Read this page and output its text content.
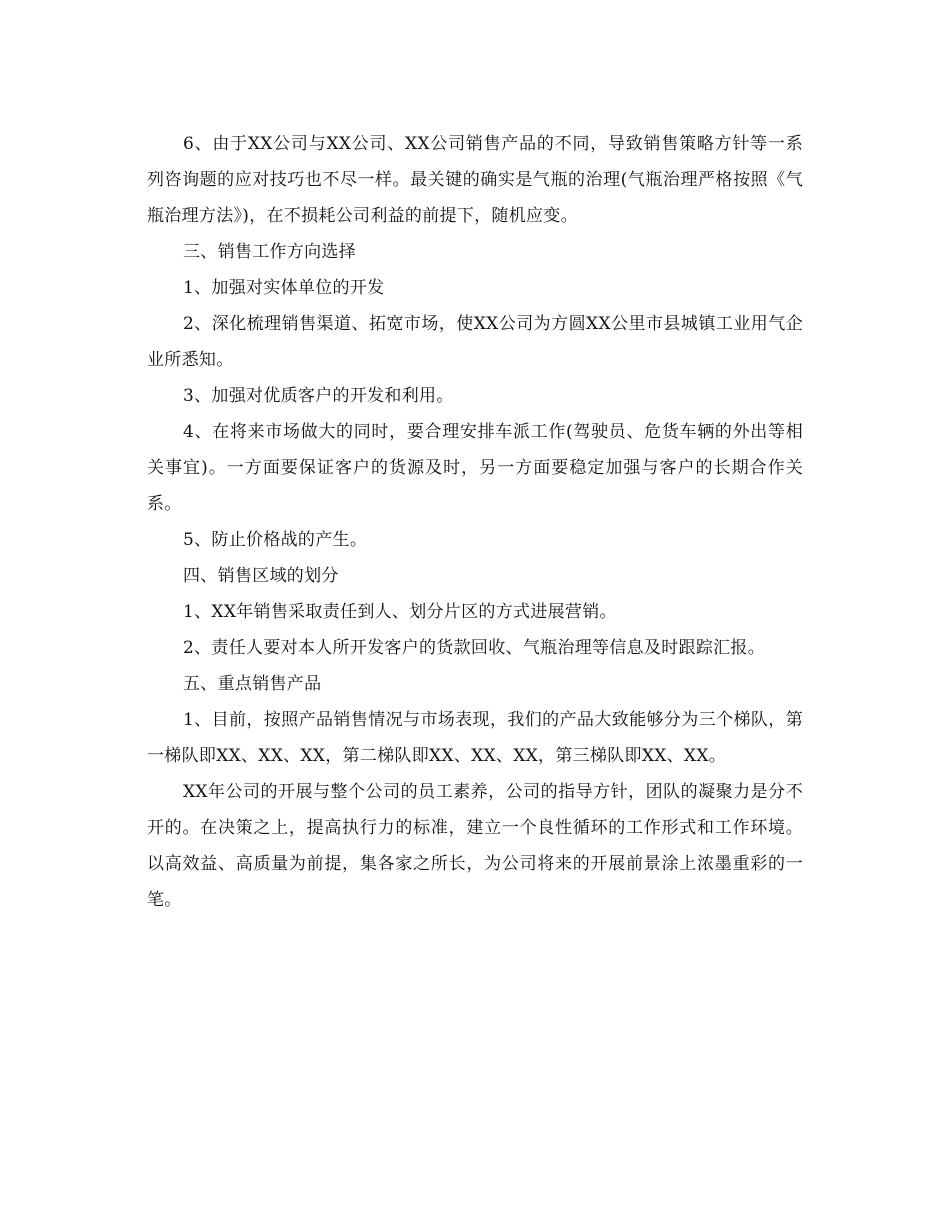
6、由于XX公司与XX公司、XX公司销售产品的不同，导致销售策略方针等一系列咨询题的应对技巧也不尽一样。最关键的确实是气瓶的治理(气瓶治理严格按照《气瓶治理方法》)，在不损耗公司利益的前提下，随机应变。

三、销售工作方向选择

1、加强对实体单位的开发

2、深化梳理销售渠道、拓宽市场，使XX公司为方圆XX公里市县城镇工业用气企业所悉知。

3、加强对优质客户的开发和利用。

4、在将来市场做大的同时，要合理安排车派工作(驾驶员、危货车辆的外出等相关事宜)。一方面要保证客户的货源及时，另一方面要稳定加强与客户的长期合作关系。

5、防止价格战的产生。

四、销售区域的划分

1、XX年销售采取责任到人、划分片区的方式进展营销。

2、责任人要对本人所开发客户的货款回收、气瓶治理等信息及时跟踪汇报。

五、重点销售产品

1、目前，按照产品销售情况与市场表现，我们的产品大致能够分为三个梯队，第一梯队即XX、XX、XX，第二梯队即XX、XX、XX，第三梯队即XX、XX。

XX年公司的开展与整个公司的员工素养，公司的指导方针，团队的凝聚力是分不开的。在决策之上，提高执行力的标准，建立一个良性循环的工作形式和工作环境。以高效益、高质量为前提，集各家之所长，为公司将来的开展前景涂上浓墨重彩的一笔。
